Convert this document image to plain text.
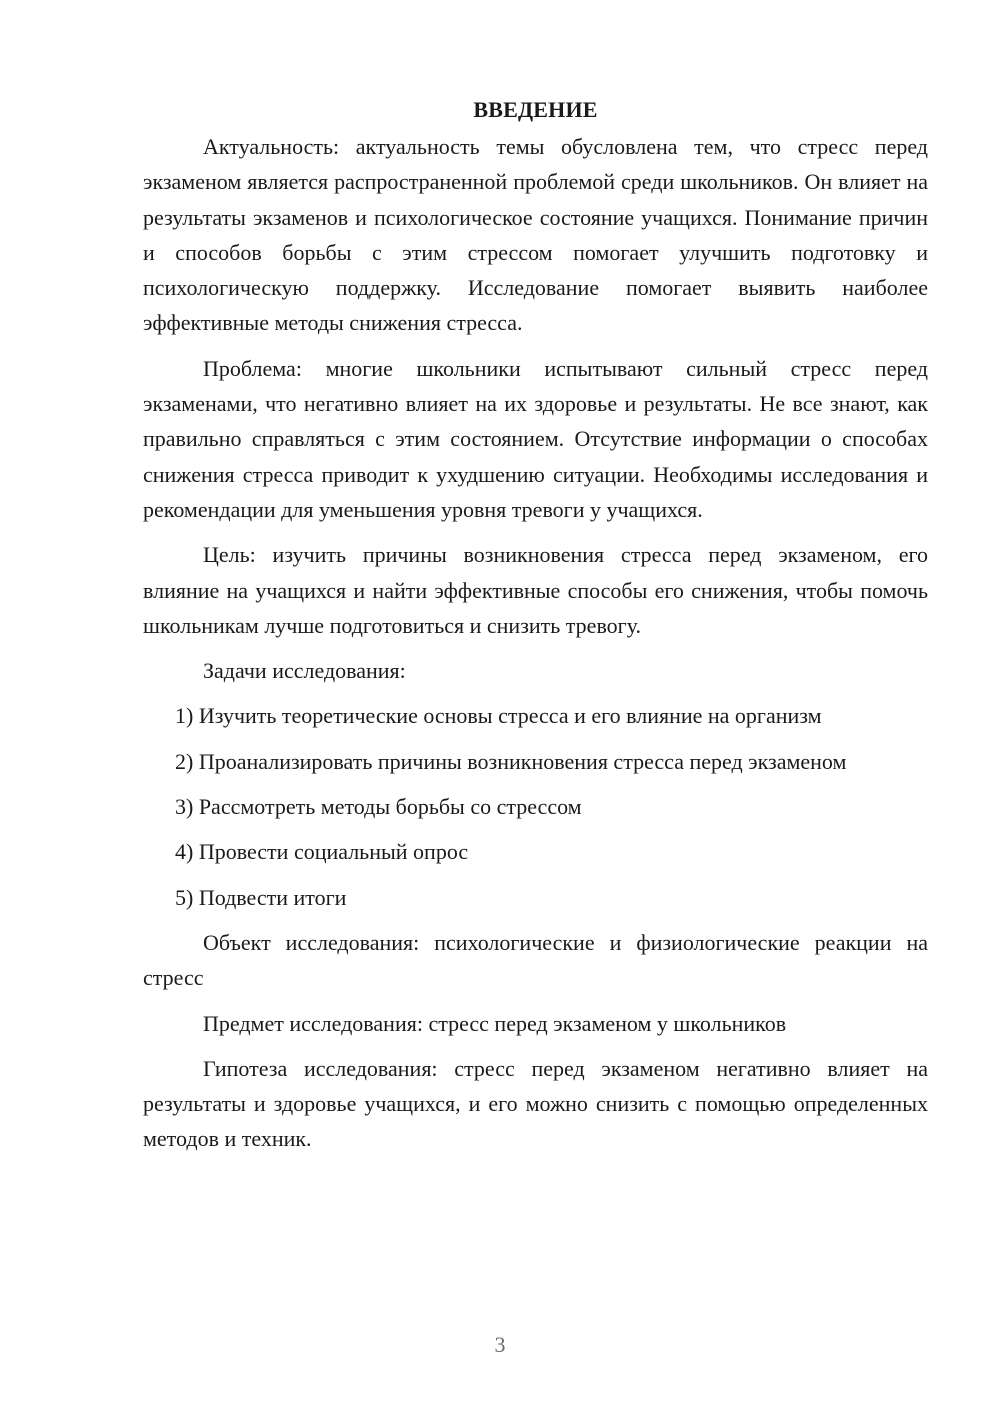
ВВЕДЕНИЕ

Актуальность: актуальность темы обусловлена тем, что стресс перед экзаменом является распространенной проблемой среди школьников. Он влияет на результаты экзаменов и психологическое состояние учащихся. Понимание причин и способов борьбы с этим стрессом помогает улучшить подготовку и психологическую поддержку. Исследование помогает выявить наиболее эффективные методы снижения стресса.

Проблема: многие школьники испытывают сильный стресс перед экзаменами, что негативно влияет на их здоровье и результаты. Не все знают, как правильно справляться с этим состоянием. Отсутствие информации о способах снижения стресса приводит к ухудшению ситуации. Необходимы исследования и рекомендации для уменьшения уровня тревоги у учащихся.

Цель: изучить причины возникновения стресса перед экзаменом, его влияние на учащихся и найти эффективные способы его снижения, чтобы помочь школьникам лучше подготовиться и снизить тревогу.

Задачи исследования:

1) Изучить теоретические основы стресса и его влияние на организм

2) Проанализировать причины возникновения стресса перед экзаменом

3) Рассмотреть методы борьбы со стрессом

4) Провести социальный опрос

5) Подвести итоги

Объект исследования: психологические и физиологические реакции на стресс

Предмет исследования: стресс перед экзаменом у школьников

Гипотеза исследования: стресс перед экзаменом негативно влияет на результаты и здоровье учащихся, и его можно снизить с помощью определенных методов и техник.

3
